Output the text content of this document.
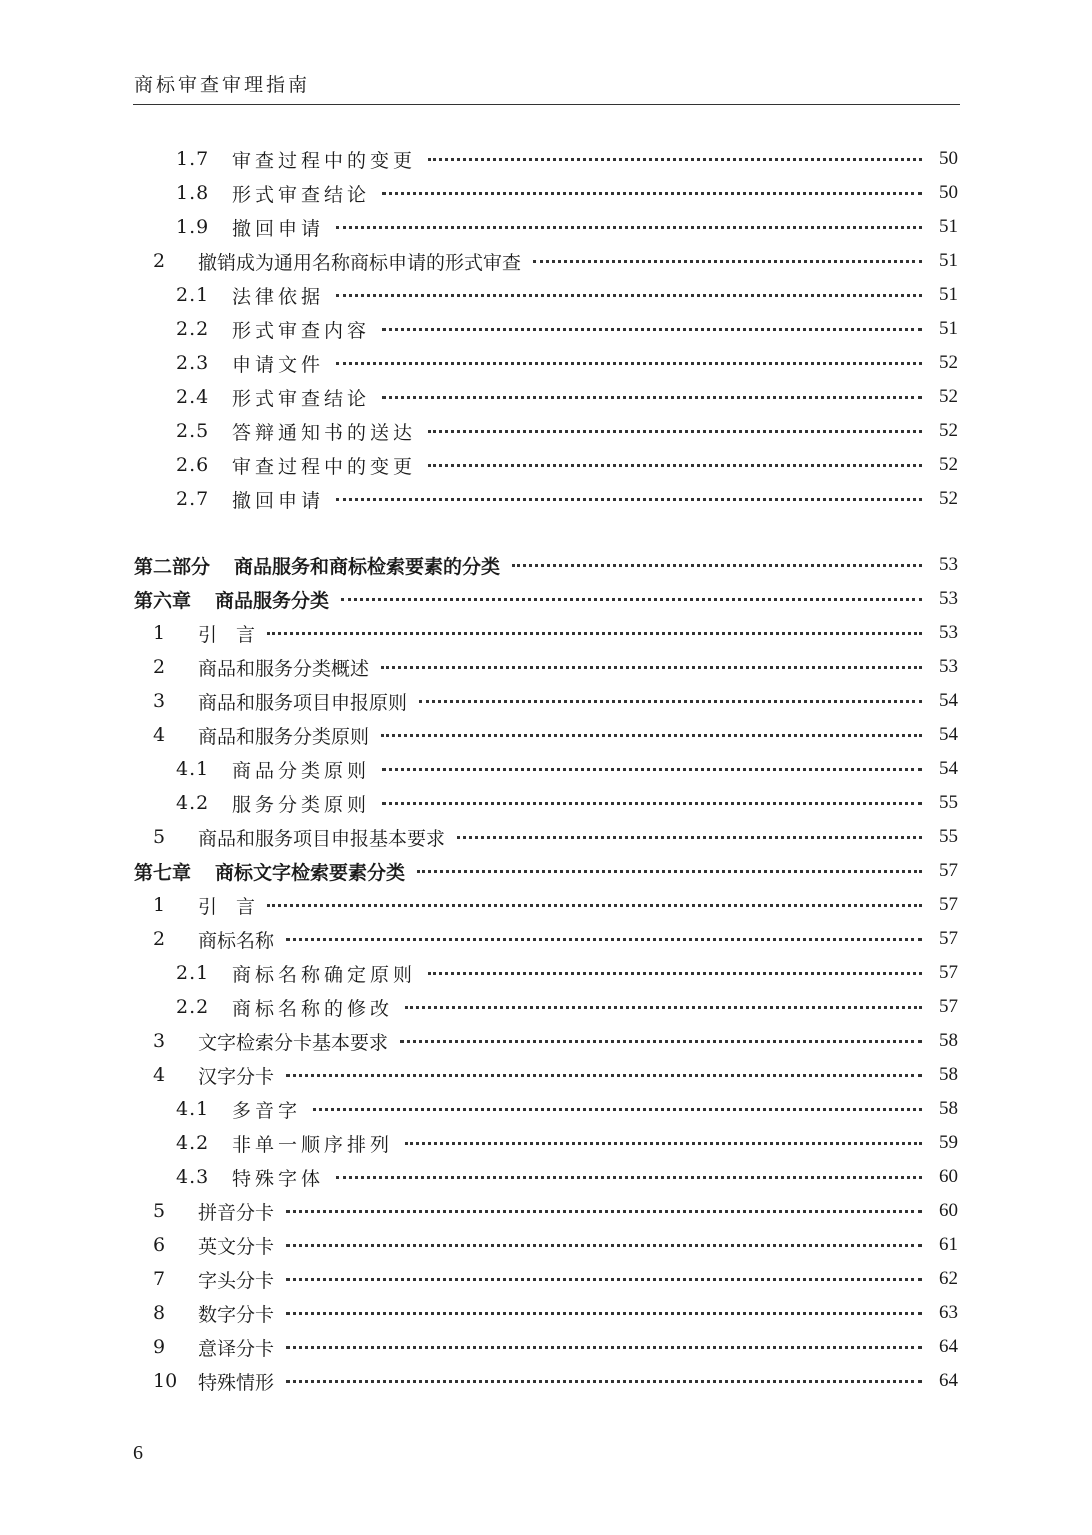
商标审查审理指南
1.7	审查过程中的变更	50
1.8	形式审查结论	50
1.9	撤回申请	51
2	撤销成为通用名称商标申请的形式审查	51
2.1	法律依据	51
2.2	形式审查内容	51
2.3	申请文件	52
2.4	形式审查结论	52
2.5	答辩通知书的送达	52
2.6	审查过程中的变更	52
2.7	撤回申请	52
第二部分 商品服务和商标检索要素的分类	53
第六章 商品服务分类	53
1	引　言	53
2	商品和服务分类概述	53
3	商品和服务项目申报原则	54
4	商品和服务分类原则	54
4.1	商品分类原则	54
4.2	服务分类原则	55
5	商品和服务项目申报基本要求	55
第七章 商标文字检索要素分类	57
1	引　言	57
2	商标名称	57
2.1	商标名称确定原则	57
2.2	商标名称的修改	57
3	文字检索分卡基本要求	58
4	汉字分卡	58
4.1	多音字	58
4.2	非单一顺序排列	59
4.3	特殊字体	60
5	拼音分卡	60
6	英文分卡	61
7	字头分卡	62
8	数字分卡	63
9	意译分卡	64
10	特殊情形	64
6
